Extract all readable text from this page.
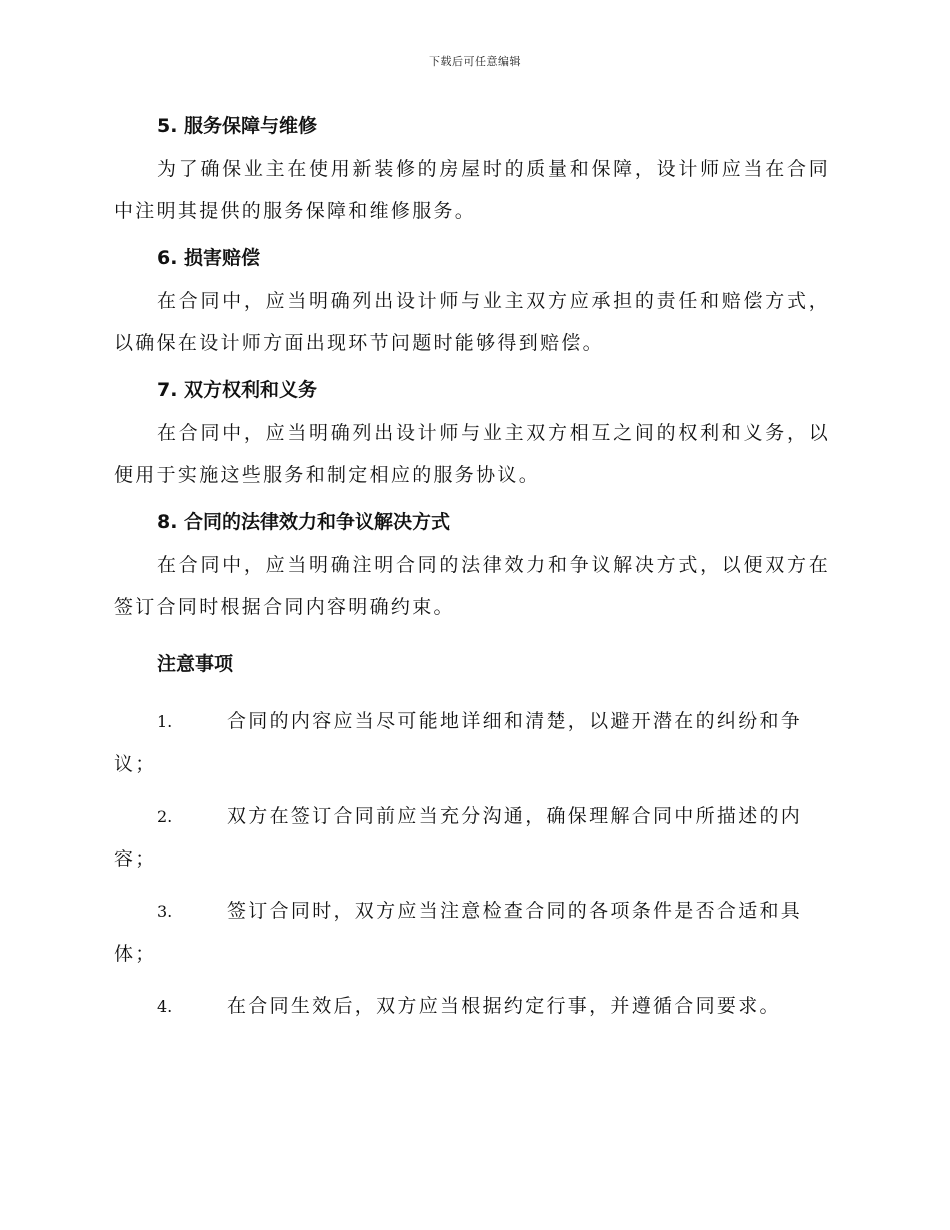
下载后可任意编辑
5. 服务保障与维修

为了确保业主在使用新装修的房屋时的质量和保障，设计师应当在合同中注明其提供的服务保障和维修服务。

6. 损害赔偿

在合同中，应当明确列出设计师与业主双方应承担的责任和赔偿方式，以确保在设计师方面出现环节问题时能够得到赔偿。

7. 双方权利和义务

在合同中，应当明确列出设计师与业主双方相互之间的权利和义务，以便用于实施这些服务和制定相应的服务协议。

8. 合同的法律效力和争议解决方式

在合同中，应当明确注明合同的法律效力和争议解决方式，以便双方在签订合同时根据合同内容明确约束。

注意事项
1.	合同的内容应当尽可能地详细和清楚，以避开潜在的纠纷和争议；
2.	双方在签订合同前应当充分沟通，确保理解合同中所描述的内容；
3.	签订合同时，双方应当注意检查合同的各项条件是否合适和具体；
4.	在合同生效后，双方应当根据约定行事，并遵循合同要求。
